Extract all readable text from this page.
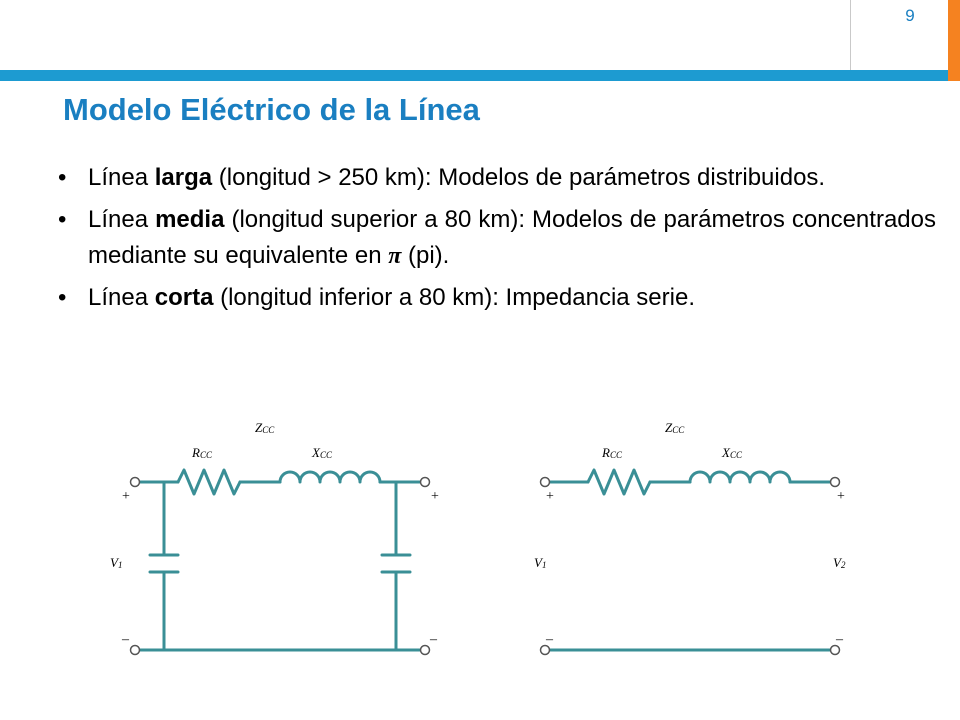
9
Modelo Eléctrico de la Línea
• Línea larga (longitud > 250 km): Modelos de parámetros distribuidos.
• Línea media (longitud superior a 80 km): Modelos de parámetros concentrados mediante su equivalente en π (pi).
• Línea corta (longitud inferior a 80 km): Impedancia serie.
ZCC
RCC	XCC
+	+
V1
–	–
ZCC
RCC	XCC
+	+
V1	V2
–	–
